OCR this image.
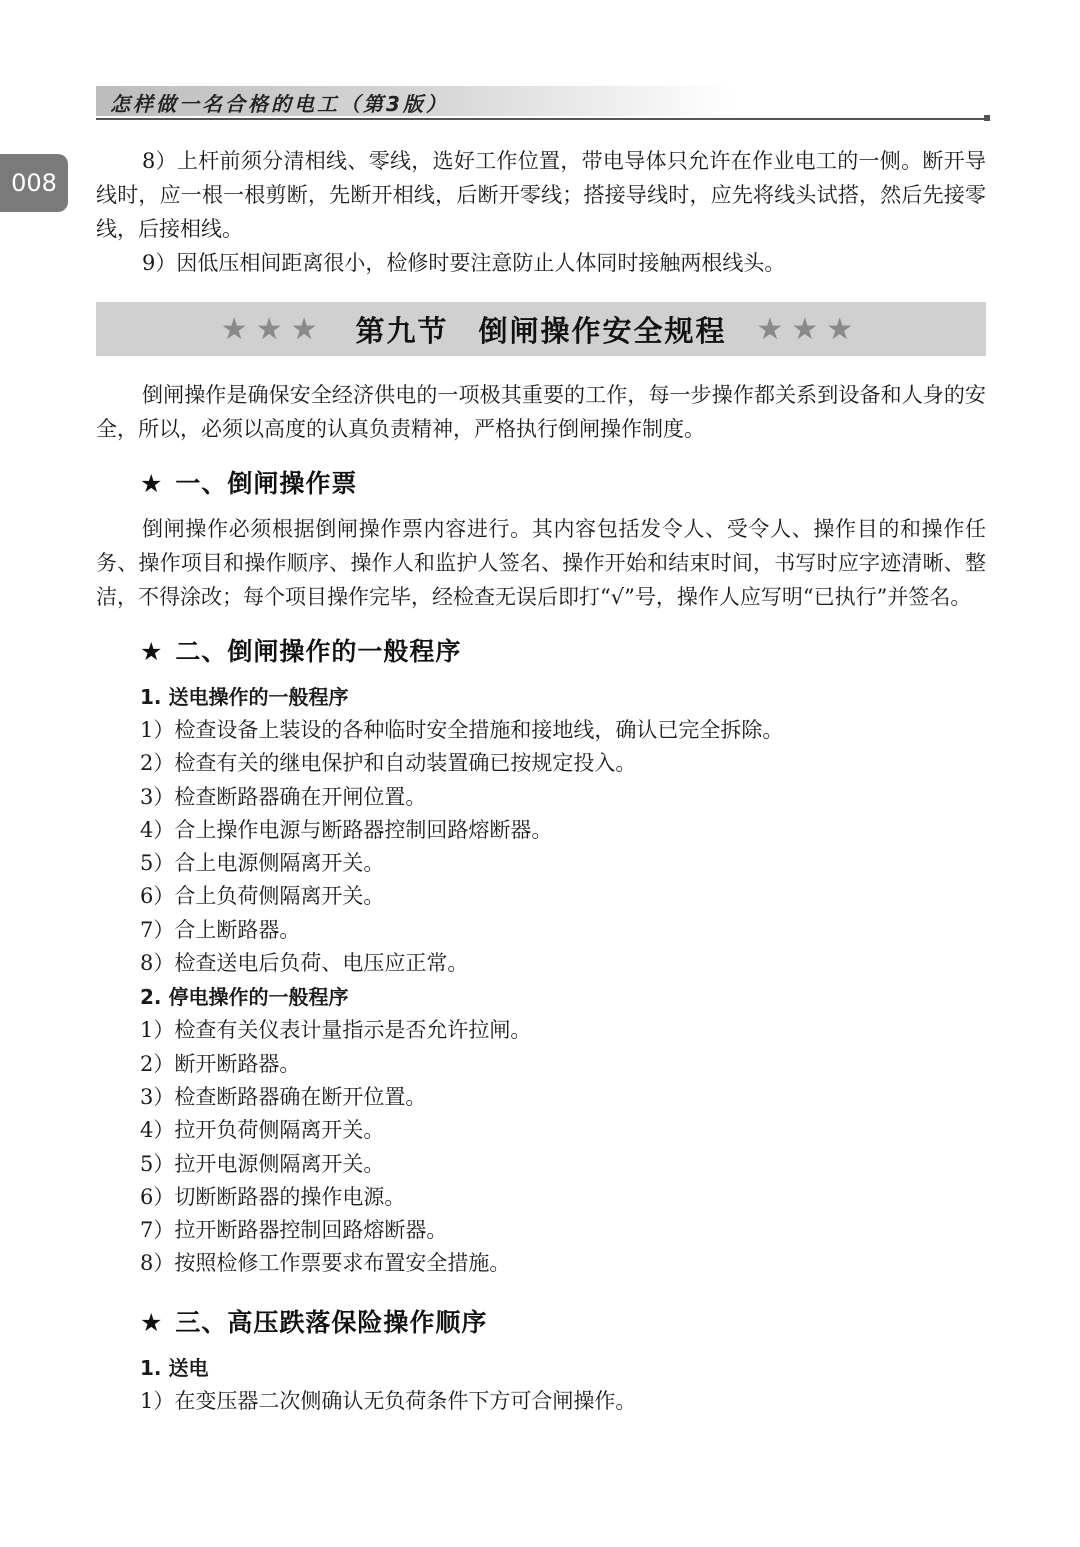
怎样做一名合格的电工（第3版）
008

8）上杆前须分清相线、零线，选好工作位置，带电导体只允许在作业电工的一侧。断开导线时，应一根一根剪断，先断开相线，后断开零线；搭接导线时，应先将线头试搭，然后先接零线，后接相线。

9）因低压相间距离很小，检修时要注意防止人体同时接触两根线头。

★★★ 第九节 倒闸操作安全规程 ★★★

倒闸操作是确保安全经济供电的一项极其重要的工作，每一步操作都关系到设备和人身的安全，所以，必须以高度的认真负责精神，严格执行倒闸操作制度。

★ 一、倒闸操作票

倒闸操作必须根据倒闸操作票内容进行。其内容包括发令人、受令人、操作目的和操作任务、操作项目和操作顺序、操作人和监护人签名、操作开始和结束时间，书写时应字迹清晰、整洁，不得涂改；每个项目操作完毕，经检查无误后即打“√”号，操作人应写明“已执行”并签名。

★ 二、倒闸操作的一般程序
1. 送电操作的一般程序
1）检查设备上装设的各种临时安全措施和接地线，确认已完全拆除。
2）检查有关的继电保护和自动装置确已按规定投入。
3）检查断路器确在开闸位置。
4）合上操作电源与断路器控制回路熔断器。
5）合上电源侧隔离开关。
6）合上负荷侧隔离开关。
7）合上断路器。
8）检查送电后负荷、电压应正常。
2. 停电操作的一般程序
1）检查有关仪表计量指示是否允许拉闸。
2）断开断路器。
3）检查断路器确在断开位置。
4）拉开负荷侧隔离开关。
5）拉开电源侧隔离开关。
6）切断断路器的操作电源。
7）拉开断路器控制回路熔断器。
8）按照检修工作票要求布置安全措施。
★ 三、高压跌落保险操作顺序
1. 送电
1）在变压器二次侧确认无负荷条件下方可合闸操作。
